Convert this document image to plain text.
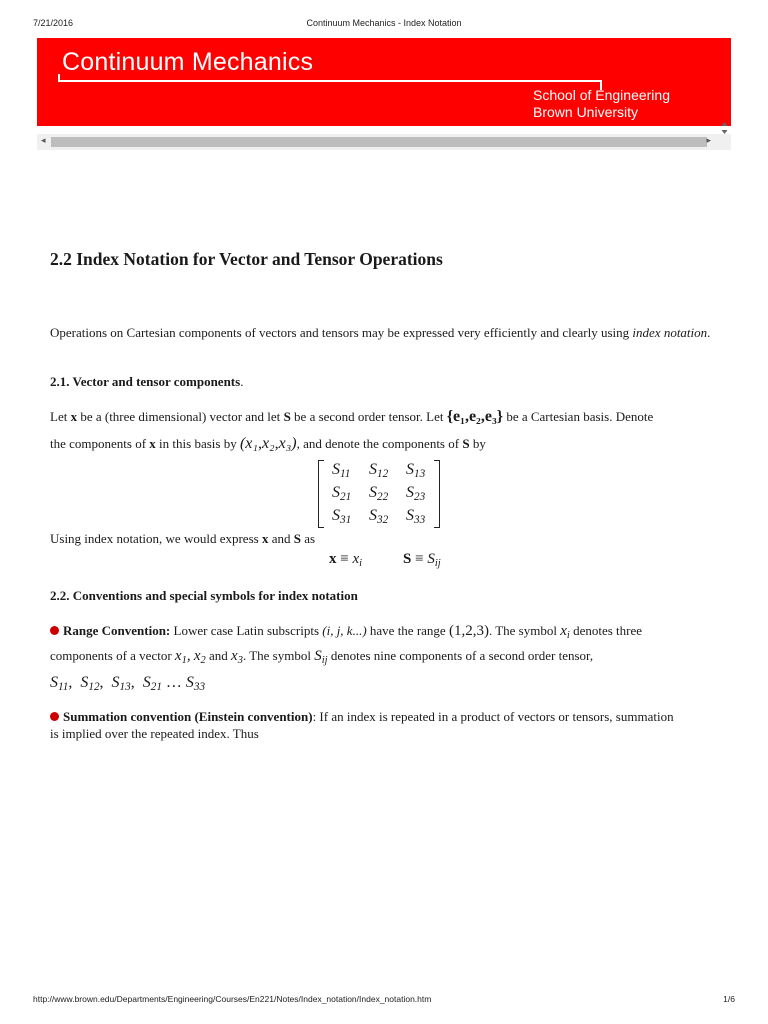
7/21/2016	Continuum Mechanics - Index Notation
Continuum Mechanics
School of Engineering
Brown University
◂	▸
2.2 Index Notation for Vector and Tensor Operations
Operations on Cartesian components of vectors and tensors may be expressed very efficiently and clearly using index notation.
2.1. Vector and tensor components.
Let x be a (three dimensional) vector and let S be a second order tensor. Let {e₁,e₂,e₃} be a Cartesian basis. Denote
the components of x in this basis by (x₁,x₂,x₃), and denote the components of S by
$S_{11}$ $S_{12}$ $S_{13}$
$S_{21}$ $S_{22}$ $S_{23}$
$S_{31}$ $S_{32}$ $S_{33}$
Using index notation, we would express x and S as
$x \equiv x_i$	$S \equiv S_{ij}$
2.2. Conventions and special symbols for index notation
Range Convention: Lower case Latin subscripts (i, j, k...) have the range (1,2,3). The symbol $x_i$ denotes three
components of a vector $x_1$, $x_2$ and $x_3$. The symbol $S_{ij}$ denotes nine components of a second order tensor,
$S_{11}$,  $S_{12}$,  $S_{13}$,  $S_{21}$ … $S_{33}$
Summation convention (Einstein convention): If an index is repeated in a product of vectors or tensors, summation
is implied over the repeated index. Thus
http://www.brown.edu/Departments/Engineering/Courses/En221/Notes/Index_notation/Index_notation.htm	1/6
